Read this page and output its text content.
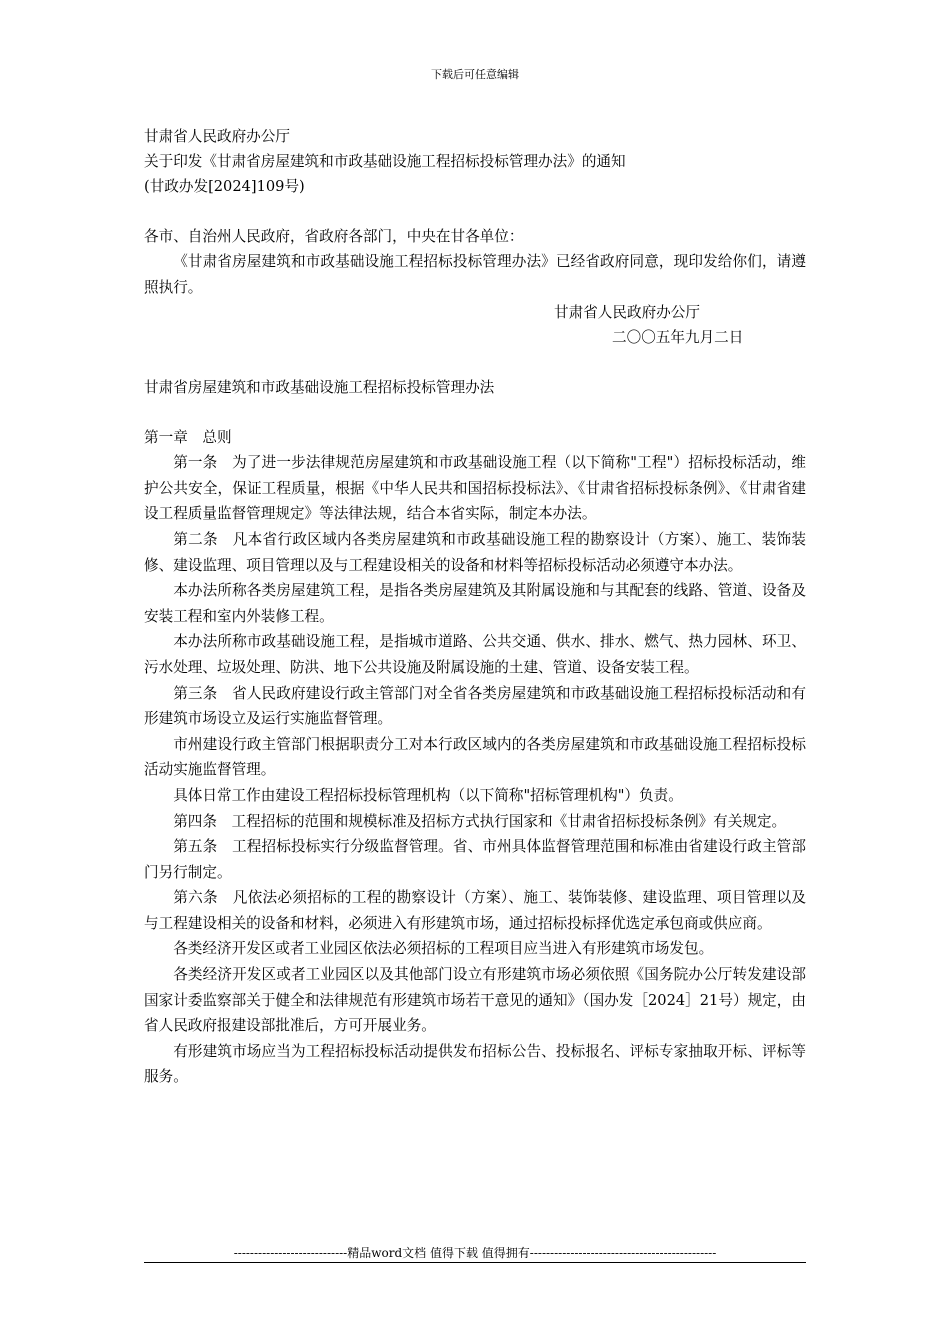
下载后可任意编辑

甘肃省人民政府办公厅

关于印发《甘肃省房屋建筑和市政基础设施工程招标投标管理办法》的通知

(甘政办发[2024]109号)

各市、自治州人民政府，省政府各部门，中央在甘各单位：

《甘肃省房屋建筑和市政基础设施工程招标投标管理办法》已经省政府同意，现印发给你们，请遵照执行。

甘肃省人民政府办公厅

二〇〇五年九月二日

甘肃省房屋建筑和市政基础设施工程招标投标管理办法

第一章　总则

第一条　为了进一步法律规范房屋建筑和市政基础设施工程（以下简称"工程"）招标投标活动，维护公共安全，保证工程质量，根据《中华人民共和国招标投标法》、《甘肃省招标投标条例》、《甘肃省建设工程质量监督管理规定》等法律法规，结合本省实际，制定本办法。

第二条　凡本省行政区域内各类房屋建筑和市政基础设施工程的勘察设计（方案）、施工、装饰装修、建设监理、项目管理以及与工程建设相关的设备和材料等招标投标活动必须遵守本办法。

本办法所称各类房屋建筑工程，是指各类房屋建筑及其附属设施和与其配套的线路、管道、设备及安装工程和室内外装修工程。

本办法所称市政基础设施工程，是指城市道路、公共交通、供水、排水、燃气、热力园林、环卫、污水处理、垃圾处理、防洪、地下公共设施及附属设施的土建、管道、设备安装工程。

第三条　省人民政府建设行政主管部门对全省各类房屋建筑和市政基础设施工程招标投标活动和有形建筑市场设立及运行实施监督管理。

市州建设行政主管部门根据职责分工对本行政区域内的各类房屋建筑和市政基础设施工程招标投标活动实施监督管理。

具体日常工作由建设工程招标投标管理机构（以下简称"招标管理机构"）负责。

第四条　工程招标的范围和规模标准及招标方式执行国家和《甘肃省招标投标条例》有关规定。

第五条　工程招标投标实行分级监督管理。省、市州具体监督管理范围和标准由省建设行政主管部门另行制定。

第六条　凡依法必须招标的工程的勘察设计（方案）、施工、装饰装修、建设监理、项目管理以及与工程建设相关的设备和材料，必须进入有形建筑市场，通过招标投标择优选定承包商或供应商。

各类经济开发区或者工业园区依法必须招标的工程项目应当进入有形建筑市场发包。

各类经济开发区或者工业园区以及其他部门设立有形建筑市场必须依照《国务院办公厅转发建设部国家计委监察部关于健全和法律规范有形建筑市场若干意见的通知》（国办发［2024］21号）规定，由省人民政府报建设部批准后，方可开展业务。

有形建筑市场应当为工程招标投标活动提供发布招标公告、投标报名、评标专家抽取开标、评标等服务。

----------------------------精品word文档 值得下载 值得拥有----------------------------------------------
